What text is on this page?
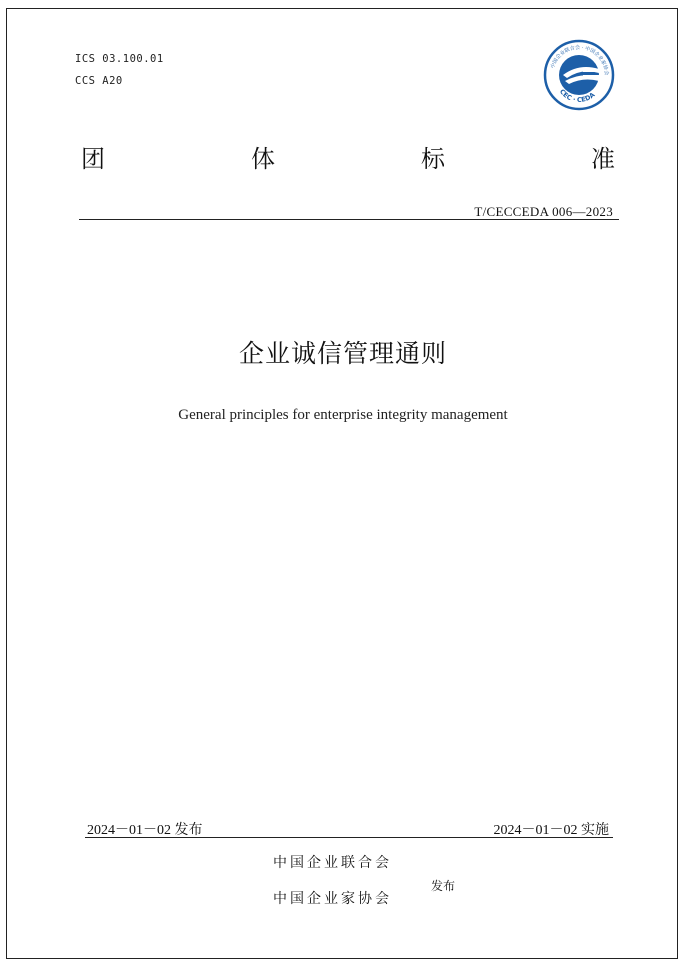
ICS 03.100.01
CCS A20
中国企业联合会 · 中国企业家协会
CEC · CEDA
团	体	标	准
T/CECCEDA 006—2023
企业诚信管理通则
General principles for enterprise integrity management
2024－01－02 发布	2024－01－02 实施
中国企业联合会
中国企业家协会
发布
